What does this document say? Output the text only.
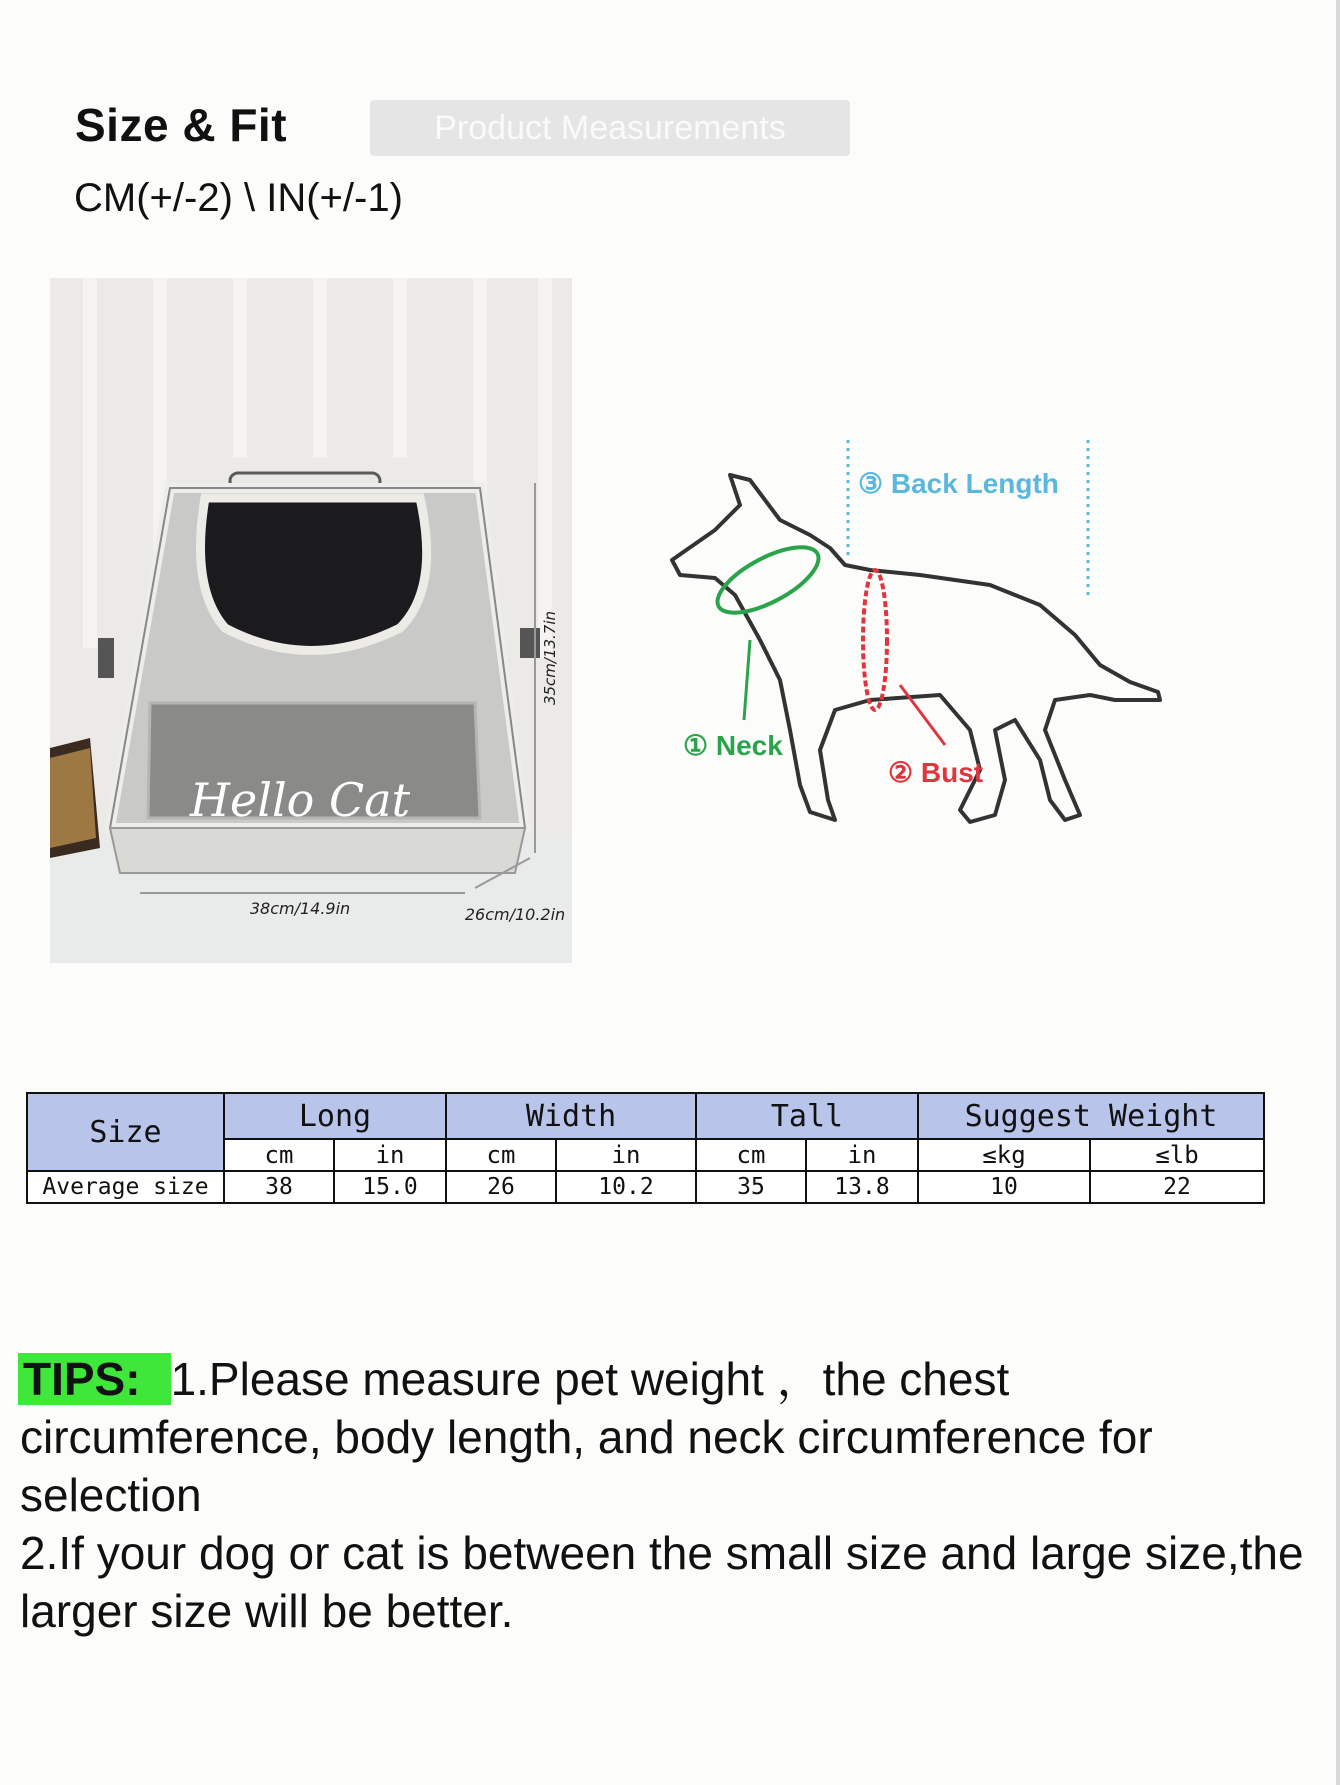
Size & Fit	Product Measurements
CM(+/-2) \ IN(+/-1)
Hello Cat
35cm/13.7in
38cm/14.9in	26cm/10.2in
① Neck
② Bust
③ Back Length
Size	Long		Width		Tall		Suggest Weight	
	cm	in	cm	in	cm	in	≤kg	≤lb
Average size	38	15.0	26	10.2	35	13.8	10	22
TIPS: 1.Please measure pet weight ，the chest circumference, body length, and neck circumference for selection
2.If your dog or cat is between the small size and large size,the larger size will be better.
